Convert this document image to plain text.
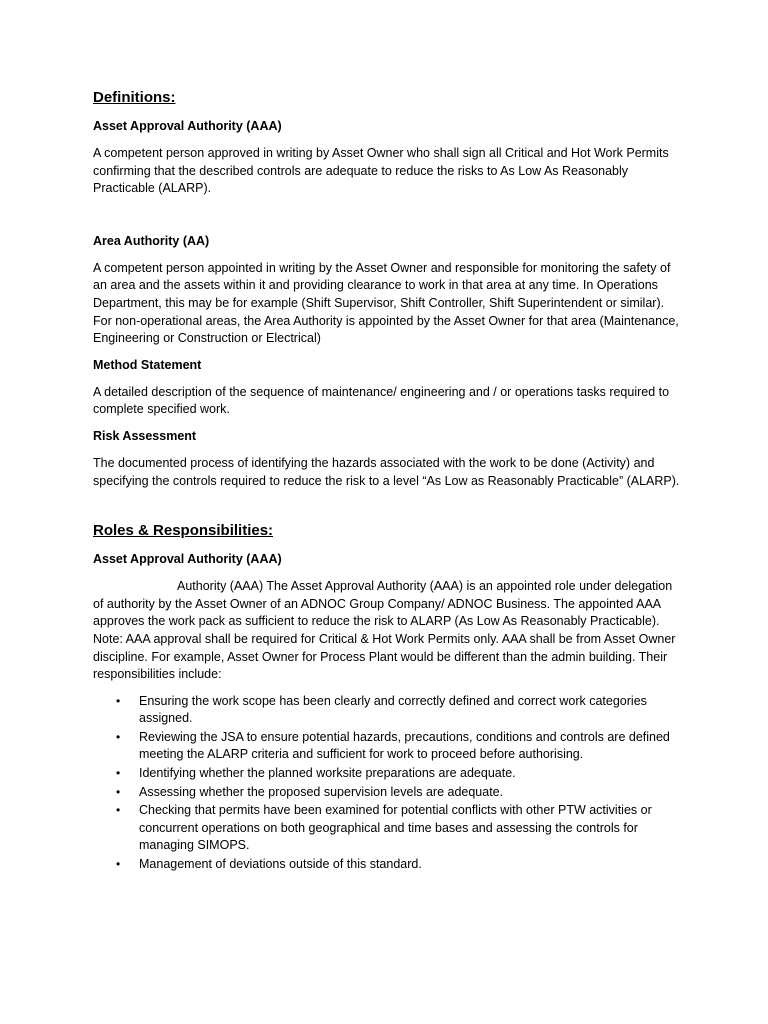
Definitions:
Asset Approval Authority (AAA)
A competent person approved in writing by Asset Owner who shall sign all Critical and Hot Work Permits confirming that the described controls are adequate to reduce the risks to As Low As Reasonably Practicable (ALARP).
Area Authority (AA)
A competent person appointed in writing by the Asset Owner and responsible for monitoring the safety of an area and the assets within it and providing clearance to work in that area at any time. In Operations Department, this may be for example (Shift Supervisor, Shift Controller, Shift Superintendent or similar). For non-operational areas, the Area Authority is appointed by the Asset Owner for that area (Maintenance, Engineering or Construction or Electrical)
Method Statement
A detailed description of the sequence of maintenance/ engineering and / or operations tasks required to complete specified work.
Risk Assessment
The documented process of identifying the hazards associated with the work to be done (Activity) and specifying the controls required to reduce the risk to a level “As Low as Reasonably Practicable” (ALARP).
Roles & Responsibilities:
Asset Approval Authority (AAA)
Authority (AAA) The Asset Approval Authority (AAA) is an appointed role under delegation of authority by the Asset Owner of an ADNOC Group Company/ ADNOC Business. The appointed AAA approves the work pack as sufficient to reduce the risk to ALARP (As Low As Reasonably Practicable). Note: AAA approval shall be required for Critical & Hot Work Permits only. AAA shall be from Asset Owner discipline. For example, Asset Owner for Process Plant would be different than the admin building. Their responsibilities include:
• Ensuring the work scope has been clearly and correctly defined and correct work categories assigned.
• Reviewing the JSA to ensure potential hazards, precautions, conditions and controls are defined meeting the ALARP criteria and sufficient for work to proceed before authorising.
• Identifying whether the planned worksite preparations are adequate.
• Assessing whether the proposed supervision levels are adequate.
• Checking that permits have been examined for potential conflicts with other PTW activities or concurrent operations on both geographical and time bases and assessing the controls for managing SIMOPS.
• Management of deviations outside of this standard.
